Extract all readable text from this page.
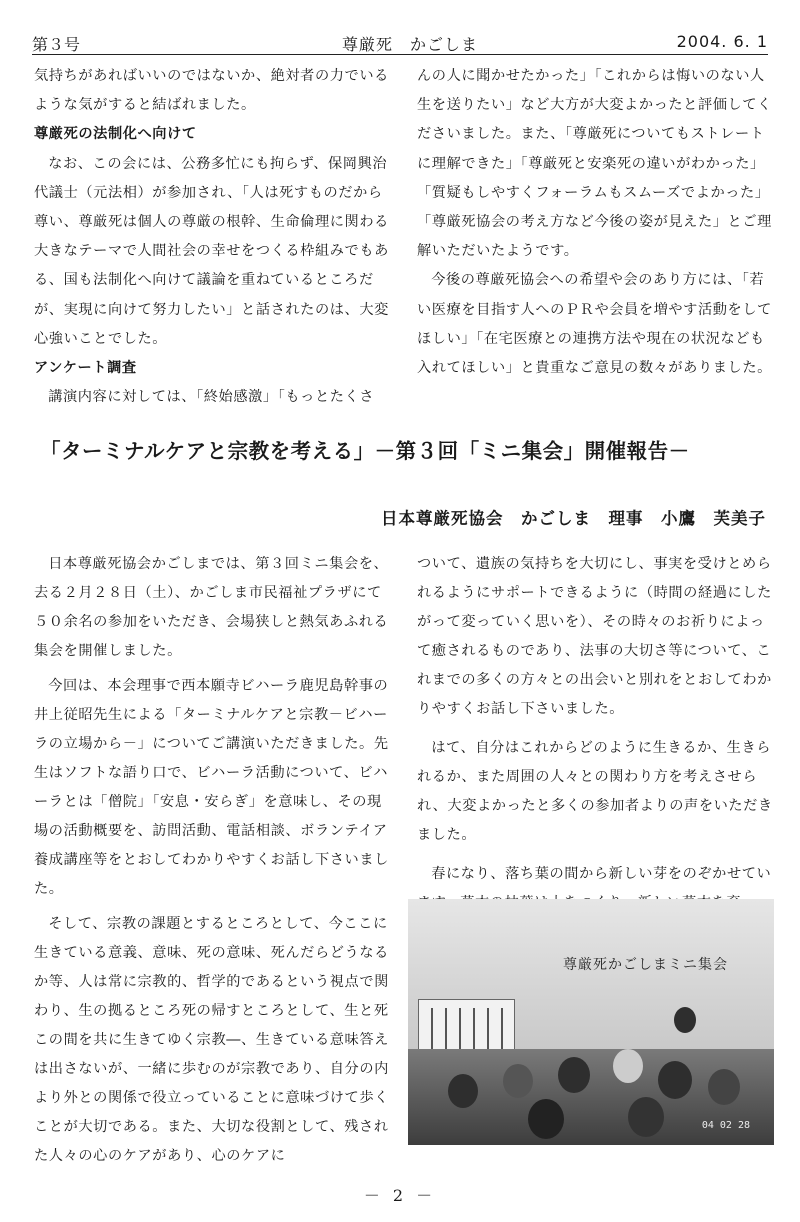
第３号	尊厳死　かごしま	2004. 6. 1

気持ちがあればいいのではないか、絶対者の力でいるような気がすると結ばれました。

尊厳死の法制化へ向けて

なお、この会には、公務多忙にも拘らず、保岡興治代議士（元法相）が参加され、「人は死すものだから尊い、尊厳死は個人の尊厳の根幹、生命倫理に関わる大きなテーマで人間社会の幸せをつくる枠組みでもある、国も法制化へ向けて議論を重ねているところだが、実現に向けて努力したい」と話されたのは、大変心強いことでした。

アンケート調査

講演内容に対しては、「終始感激」「もっとたくさ

んの人に聞かせたかった」「これからは悔いのない人生を送りたい」など大方が大変よかったと評価してくださいました。また、「尊厳死についてもストレートに理解できた」「尊厳死と安楽死の違いがわかった」「質疑もしやすくフォーラムもスムーズでよかった」「尊厳死協会の考え方など今後の姿が見えた」とご理解いただいたようです。

今後の尊厳死協会への希望や会のあり方には、「若い医療を目指す人へのＰＲや会員を増やす活動をしてほしい」「在宅医療との連携方法や現在の状況なども入れてほしい」と貴重なご意見の数々がありました。

「ターミナルケアと宗教を考える」－第３回「ミニ集会」開催報告－
日本尊厳死協会　かごしま　理事　小鷹　芙美子

日本尊厳死協会かごしまでは、第３回ミニ集会を、去る２月２８日（土）、かごしま市民福祉プラザにて５０余名の参加をいただき、会場狭しと熱気あふれる集会を開催しました。

今回は、本会理事で西本願寺ビハーラ鹿児島幹事の井上従昭先生による「ターミナルケアと宗教－ビハーラの立場から－」についてご講演いただきました。先生はソフトな語り口で、ビハーラ活動について、ビハーラとは「僧院」「安息・安らぎ」を意味し、その現場の活動概要を、訪問活動、電話相談、ボランテイア養成講座等をとおしてわかりやすくお話し下さいました。

そして、宗教の課題とするところとして、今ここに生きている意義、意味、死の意味、死んだらどうなるか等、人は常に宗教的、哲学的であるという視点で関わり、生の拠るところ死の帰すところとして、生と死この間を共に生きてゆく宗教―、生きている意味答えは出さないが、一緒に歩むのが宗教であり、自分の内より外との関係で役立っていることに意味づけて歩くことが大切である。また、大切な役割として、残された人々の心のケアがあり、心のケアに

ついて、遺族の気持ちを大切にし、事実を受けとめられるようにサポートできるように（時間の経過にしたがって変っていく思いを）、その時々のお祈りによって癒されるものであり、法事の大切さ等について、これまでの多くの方々との出会いと別れをとおしてわかりやすくお話し下さいました。

はて、自分はこれからどのように生きるか、生きられるか、また周囲の人々との関わり方を考えさせられ、大変よかったと多くの参加者よりの声をいただきました。

春になり、落ち葉の間から新しい芽をのぞかせてい

尊厳死かごしまミニ集会
04 02 28
－ 2 －
